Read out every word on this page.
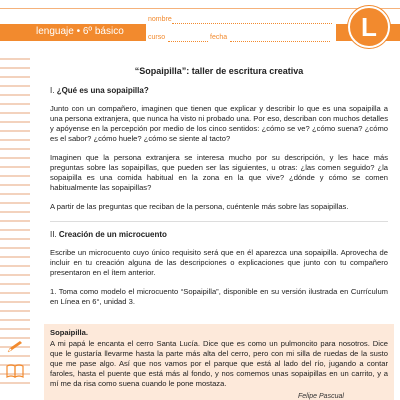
lenguaje • 6º básico
nombre
curso	fecha	L
“Sopaipilla”: taller de escritura creativa
I. ¿Qué es una sopaipilla?

Junto con un compañero, imaginen que tienen que explicar y describir lo que es una sopaipilla a una persona extranjera, que nunca ha visto ni probado una. Por eso, describan con muchos detalles y apóyense en la percepción por medio de los cinco sentidos: ¿cómo se ve? ¿cómo suena? ¿cómo es el sabor? ¿cómo huele? ¿cómo se siente al tacto?

Imaginen que la persona extranjera se interesa mucho por su descripción, y les hace más preguntas sobre las sopaipillas, que pueden ser las siguientes, u otras: ¿las comen seguido? ¿la sopaipilla es una comida habitual en la zona en la que vive? ¿dónde y cómo se comen habitualmente las sopaipillas?

A partir de las preguntas que reciban de la persona, cuéntenle más sobre las sopaipillas.

II. Creación de un microcuento

Escribe un microcuento cuyo único requisito será que en él aparezca una sopaipilla. Aprovecha de incluir en tu creación alguna de las descripciones o explicaciones que junto con tu compañero presentaron en el ítem anterior.

1. Toma como modelo el microcuento “Sopaipilla”, disponible en su versión ilustrada en Currículum en Línea en 6°, unidad 3.

Sopaipilla.
A mi papá le encanta el cerro Santa Lucía. Dice que es como un pulmoncito para nosotros. Dice que le gustaría llevarme hasta la parte más alta del cerro, pero con mi silla de ruedas de la susto que me pase algo. Así que nos vamos por el parque que está al lado del río, jugando a contar faroles, hasta el puente que está más al fondo, y nos comemos unas sopaipillas en un carrito, y a mí me da risa como suena cuando le pone mostaza.
Felipe Pascual
